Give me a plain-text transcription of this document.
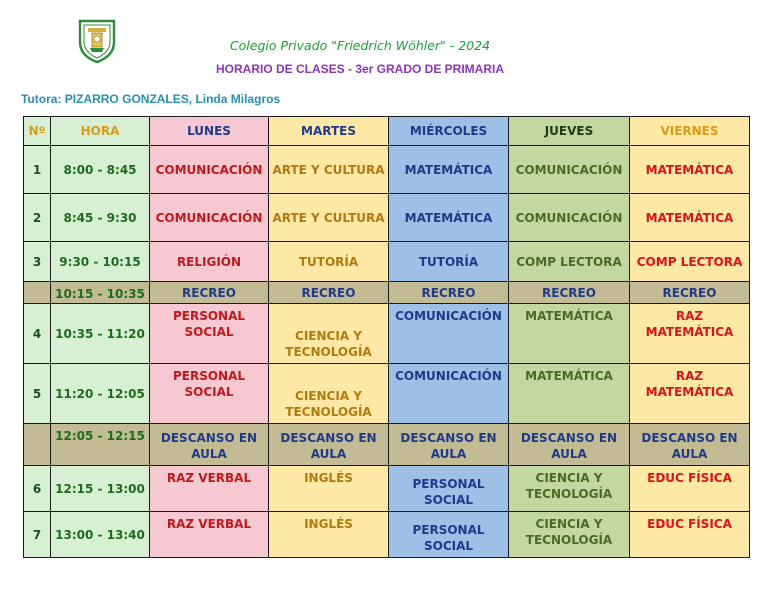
Colegio Privado "Friedrich Wöhler" - 2024
HORARIO DE CLASES - 3er GRADO DE PRIMARIA
Tutora: PIZARRO GONZALES, Linda Milagros
Nº	HORA	LUNES	MARTES	MIÉRCOLES	JUEVES	VIERNES
1	8:00 - 8:45	COMUNICACIÓN	ARTE Y CULTURA	MATEMÁTICA	COMUNICACIÓN	MATEMÁTICA
2	8:45 - 9:30	COMUNICACIÓN	ARTE Y CULTURA	MATEMÁTICA	COMUNICACIÓN	MATEMÁTICA
3	9:30 - 10:15	RELIGIÓN	TUTORÍA	TUTORÍA	COMP LECTORA	COMP LECTORA
	10:15 - 10:35	RECREO	RECREO	RECREO	RECREO	RECREO
4	10:35 - 11:20	PERSONAL SOCIAL	CIENCIA Y TECNOLOGÍA	COMUNICACIÓN	MATEMÁTICA	RAZ MATEMÁTICA
5	11:20 - 12:05	PERSONAL SOCIAL	CIENCIA Y TECNOLOGÍA	COMUNICACIÓN	MATEMÁTICA	RAZ MATEMÁTICA
	12:05 - 12:15	DESCANSO EN AULA	DESCANSO EN AULA	DESCANSO EN AULA	DESCANSO EN AULA	DESCANSO EN AULA
6	12:15 - 13:00	RAZ VERBAL	INGLÉS	PERSONAL SOCIAL	CIENCIA Y TECNOLOGÍA	EDUC FÍSICA
7	13:00 - 13:40	RAZ VERBAL	INGLÉS	PERSONAL SOCIAL	CIENCIA Y TECNOLOGÍA	EDUC FÍSICA
